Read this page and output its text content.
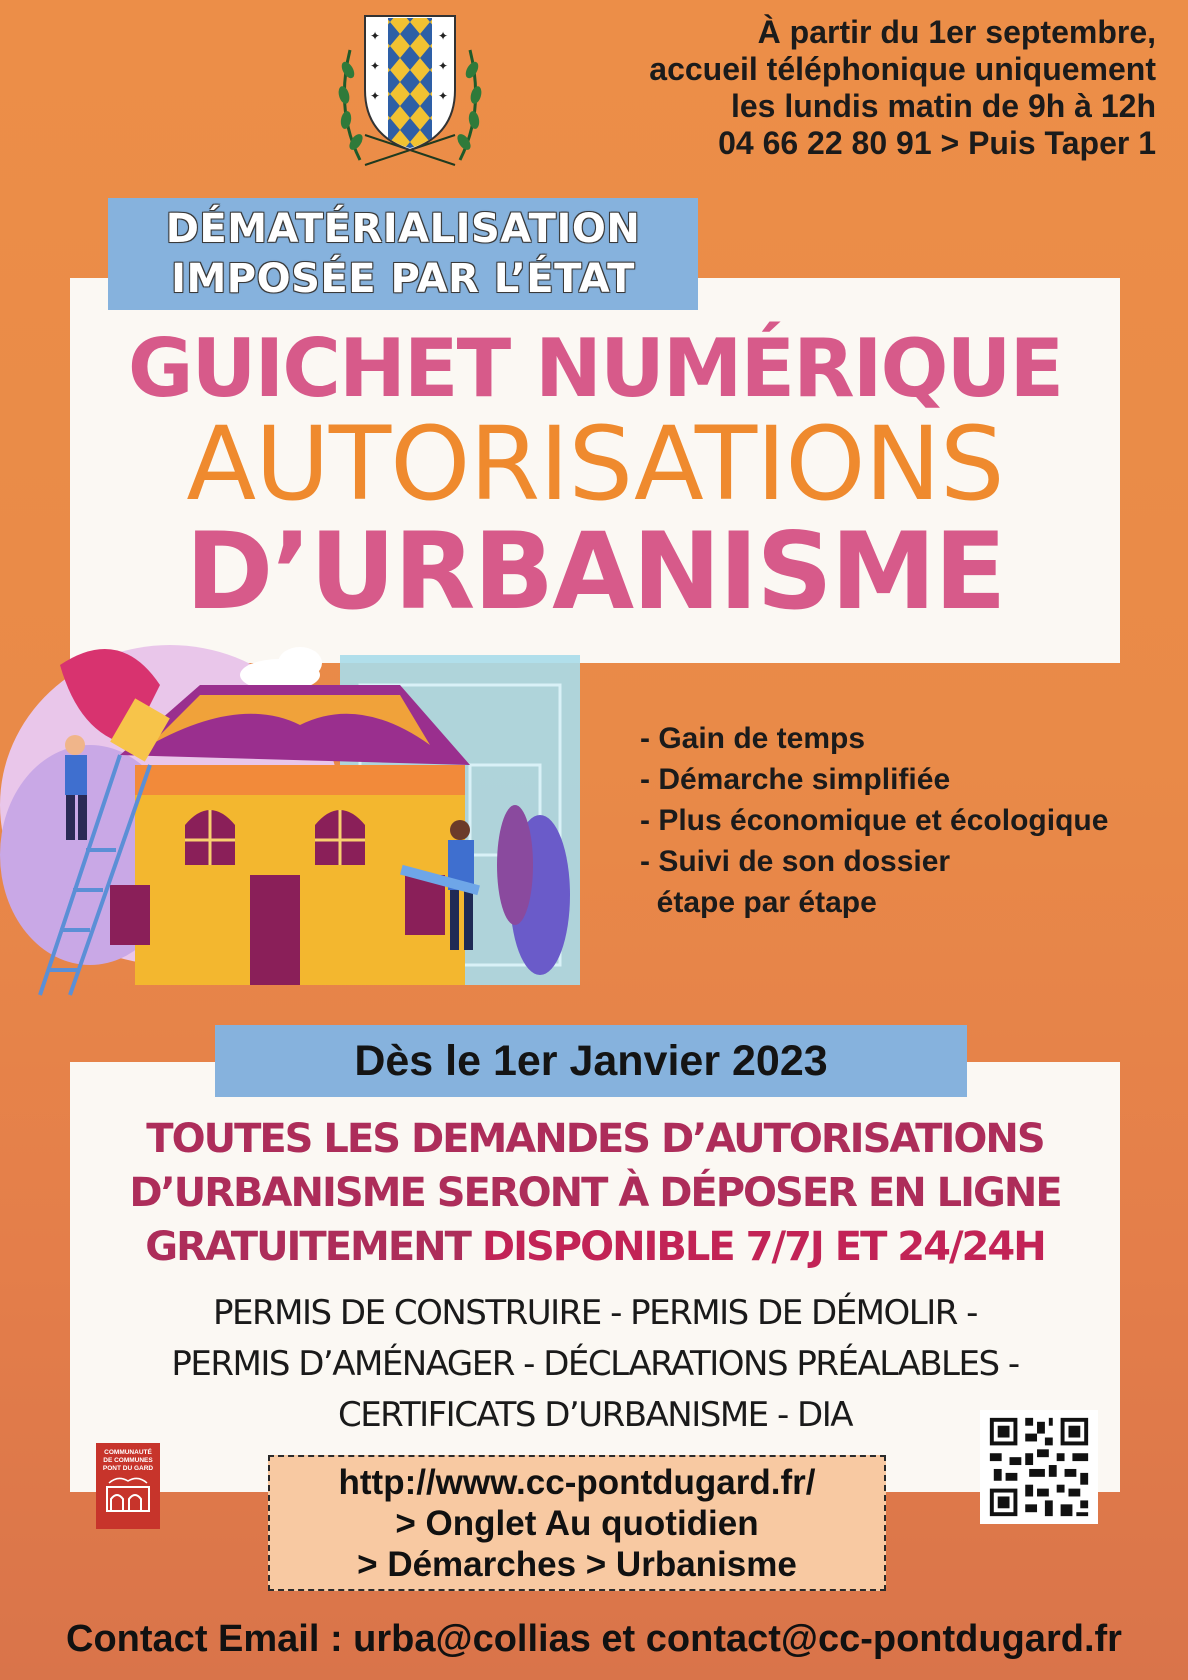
✦
✦
✦
✦
✦
✦
À partir du 1er septembre,
accueil téléphonique uniquement
les lundis matin de 9h à 12h
04 66 22 80 91 > Puis Taper 1
DÉMATÉRIALISATION
IMPOSÉE PAR L’ÉTAT
GUICHET NUMÉRIQUE
AUTORISATIONS
D’URBANISME
- Gain de temps
- Démarche simplifiée
- Plus économique et écologique
- Suivi de son dossier
étape par étape
Dès le 1er Janvier 2023
TOUTES LES DEMANDES D’AUTORISATIONS
D’URBANISME SERONT À DÉPOSER EN LIGNE
GRATUITEMENT DISPONIBLE 7/7J ET 24/24H
PERMIS DE CONSTRUIRE - PERMIS DE DÉMOLIR -
PERMIS D’AMÉNAGER - DÉCLARATIONS PRÉALABLES -
CERTIFICATS D’URBANISME - DIA
COMMUNAUTÉ
DE COMMUNES
PONT DU GARD	http://www.cc-pontdugard.fr/
> Onglet Au quotidien
> Démarches > Urbanisme
Contact Email : urba@collias et contact@cc-pontdugard.fr
